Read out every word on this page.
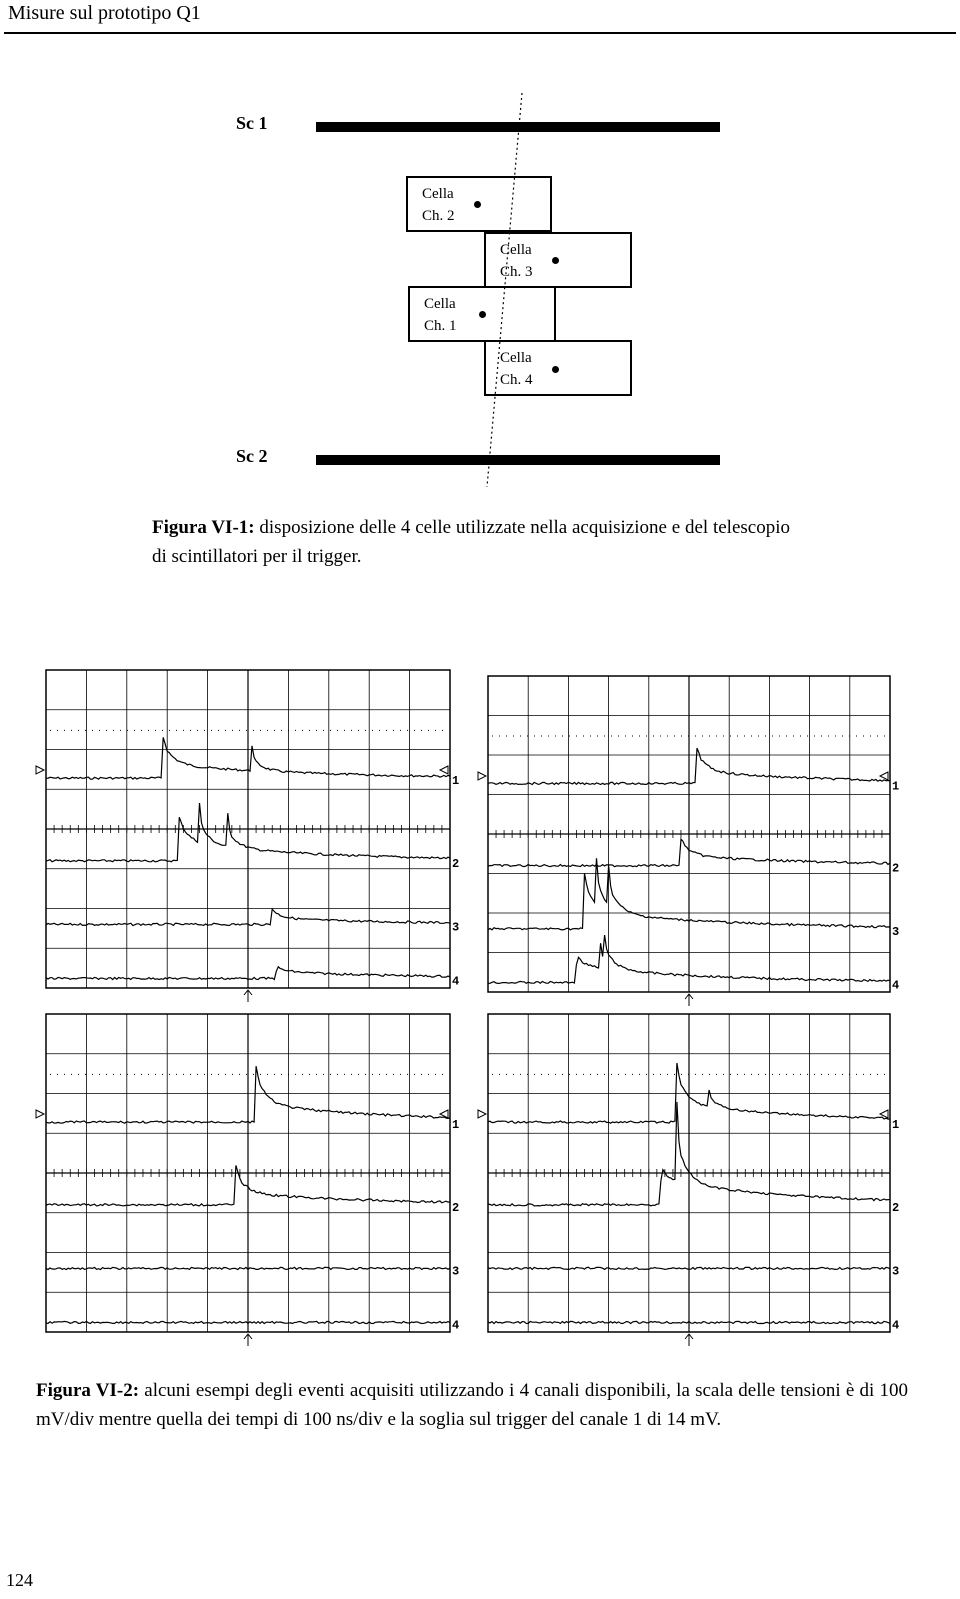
Misure sul prototipo Q1
Sc 1
Cella
Ch. 2
Cella
Ch. 3
Cella
Ch. 1
Cella
Ch. 4
Sc 2
Figura VI-1: disposizione delle 4 celle utilizzate nella acquisizione e del telescopio di scintillatori per il trigger.
1
2
3
4
1
2
3
4
1
2
3
4
1
2
3
4
Figura VI-2: alcuni esempi degli eventi acquisiti utilizzando i 4 canali disponibili, la scala delle tensioni è di 100 mV/div mentre quella dei tempi di 100 ns/div e la soglia sul trigger del canale 1 di 14 mV.
124
